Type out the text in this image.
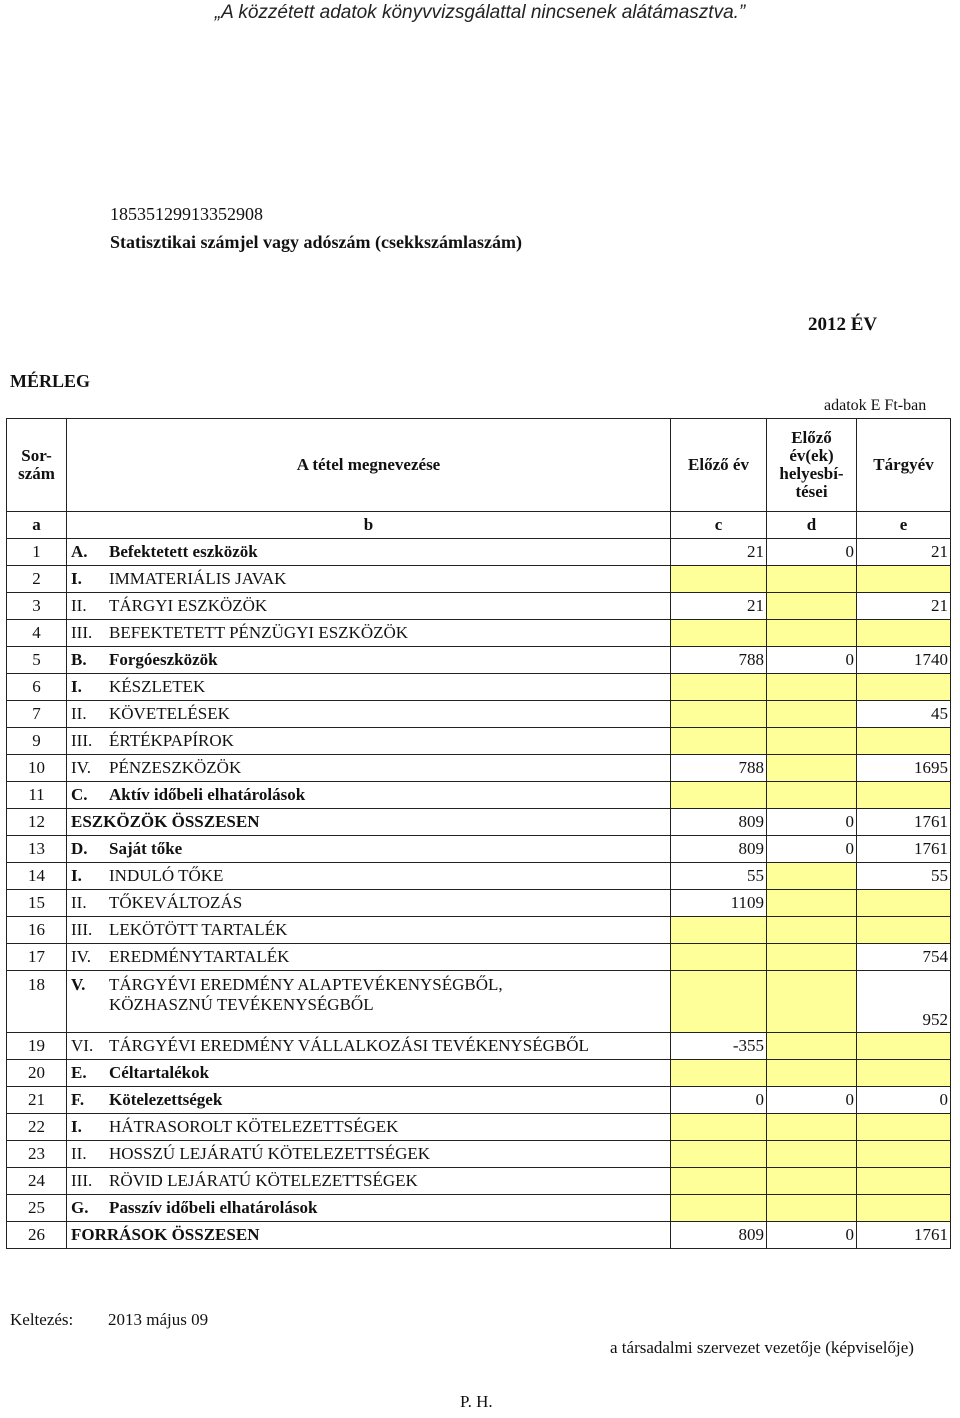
„A közzétett adatok könyvvizsgálattal nincsenek alátámasztva.”
18535129913352908
Statisztikai számjel vagy adószám (csekkszámlaszám)
2012 ÉV
MÉRLEG
adatok E Ft-ban
Sor-szám	A tétel megnevezése	Előző év	Előző év(ek) helyesbí-tései	Tárgyév
a	b	c	d	e
1	A. Befektetett eszközök	21	0	21
2	I. IMMATERIÁLIS JAVAK			
3	II. TÁRGYI ESZKÖZÖK	21		21
4	III. BEFEKTETETT PÉNZÜGYI ESZKÖZÖK			
5	B. Forgóeszközök	788	0	1740
6	I. KÉSZLETEK			
7	II. KÖVETELÉSEK			45
9	III. ÉRTÉKPAPÍROK			
10	IV. PÉNZESZKÖZÖK	788		1695
11	C. Aktív időbeli elhatárolások			
12	ESZKÖZÖK ÖSSZESEN	809	0	1761
13	D. Saját tőke	809	0	1761
14	I. INDULÓ TŐKE	55		55
15	II. TŐKEVÁLTOZÁS	1109		
16	III. LEKÖTÖTT TARTALÉK			
17	IV. EREDMÉNYTARTALÉK			754
18	V. TÁRGYÉVI EREDMÉNY ALAPTEVÉKENYSÉGBŐL,
KÖZHASZNÚ TEVÉKENYSÉGBŐL			952
19	VI. TÁRGYÉVI EREDMÉNY VÁLLALKOZÁSI TEVÉKENYSÉGBŐL	-355		
20	E. Céltartalékok			
21	F. Kötelezettségek	0	0	0
22	I. HÁTRASOROLT KÖTELEZETTSÉGEK			
23	II. HOSSZÚ LEJÁRATÚ KÖTELEZETTSÉGEK			
24	III. RÖVID LEJÁRATÚ KÖTELEZETTSÉGEK			
25	G. Passzív időbeli elhatárolások			
26	FORRÁSOK ÖSSZESEN	809	0	1761
Keltezés: 2013 május 09
a társadalmi szervezet vezetője (képviselője)
P. H.
